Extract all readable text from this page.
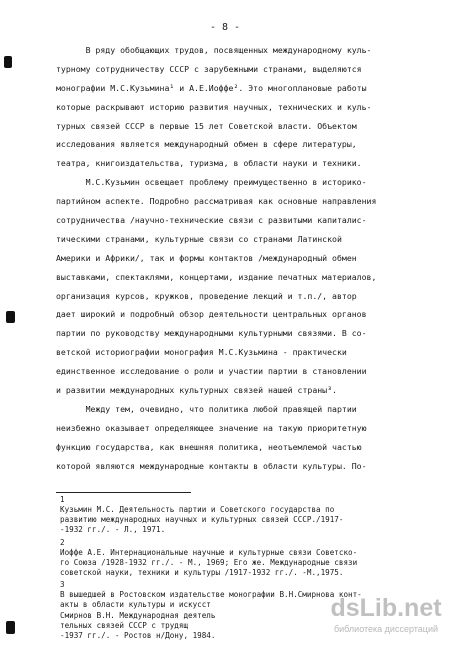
- 8 -
В ряду обобщающих трудов, посвященных международному куль-
турному сотрудничеству СССР с зарубежными странами, выделяются
монографии М.С.Кузьмина¹ и А.Е.Иоффе². Это многоплановые работы
которые раскрывают историю развития научных, технических и куль-
турных связей СССР в первые 15 лет Советской власти. Объектом
исследования является международный обмен в сфере литературы,
театра, книгоиздательства, туризма, в области науки и техники.
М.С.Кузьмин освещает проблему преимущественно в историко-
партийном аспекте. Подробно рассматривая как основные направления
сотрудничества /научно-технические связи с развитыми капиталис-
тическими странами, культурные связи со странами Латинской
Америки и Африки/, так и формы контактов /международный обмен
выставками, спектаклями, концертами, издание печатных материалов,
организация курсов, кружков, проведение лекций и т.п./, автор
дает широкий и подробный обзор деятельности центральных органов
партии по руководству международными культурными связями. В со-
ветской историографии монография М.С.Кузьмина - практически
единственное исследование о роли и участии партии в становлении
и развитии международных культурных связей нашей страны³.
Между тем, очевидно, что политика любой правящей партии
неизбежно оказывает определяющее значение на такую приоритетную
функцию государства, как внешняя политика, неотъемлемой частью
которой являются международные контакты в области культуры. По-
1
Кузьмин М.С. Деятельность партии и Советского государства по
развитию международных научных и культурных связей СССР./1917-
-1932 гг./. - Л., 1971.
2
Иоффе А.Е. Интернациональные научные и культурные связи Советско-
го Союза /1928-1932 гг./. - М., 1969; Его же. Международные связи
советской науки, техники и культуры /1917-1932 гг./. -М.,1975.
3
В вышедшей в Ростовском издательстве монографии В.Н.Смирнова конт-
акты в области культуры и искусст
Смирнов В.Н. Международная деятель
тельных связей СССР с трудящ
-1937 гг./. - Ростов н/Дону, 1984.
dsLib.net
библиотека диссертаций
